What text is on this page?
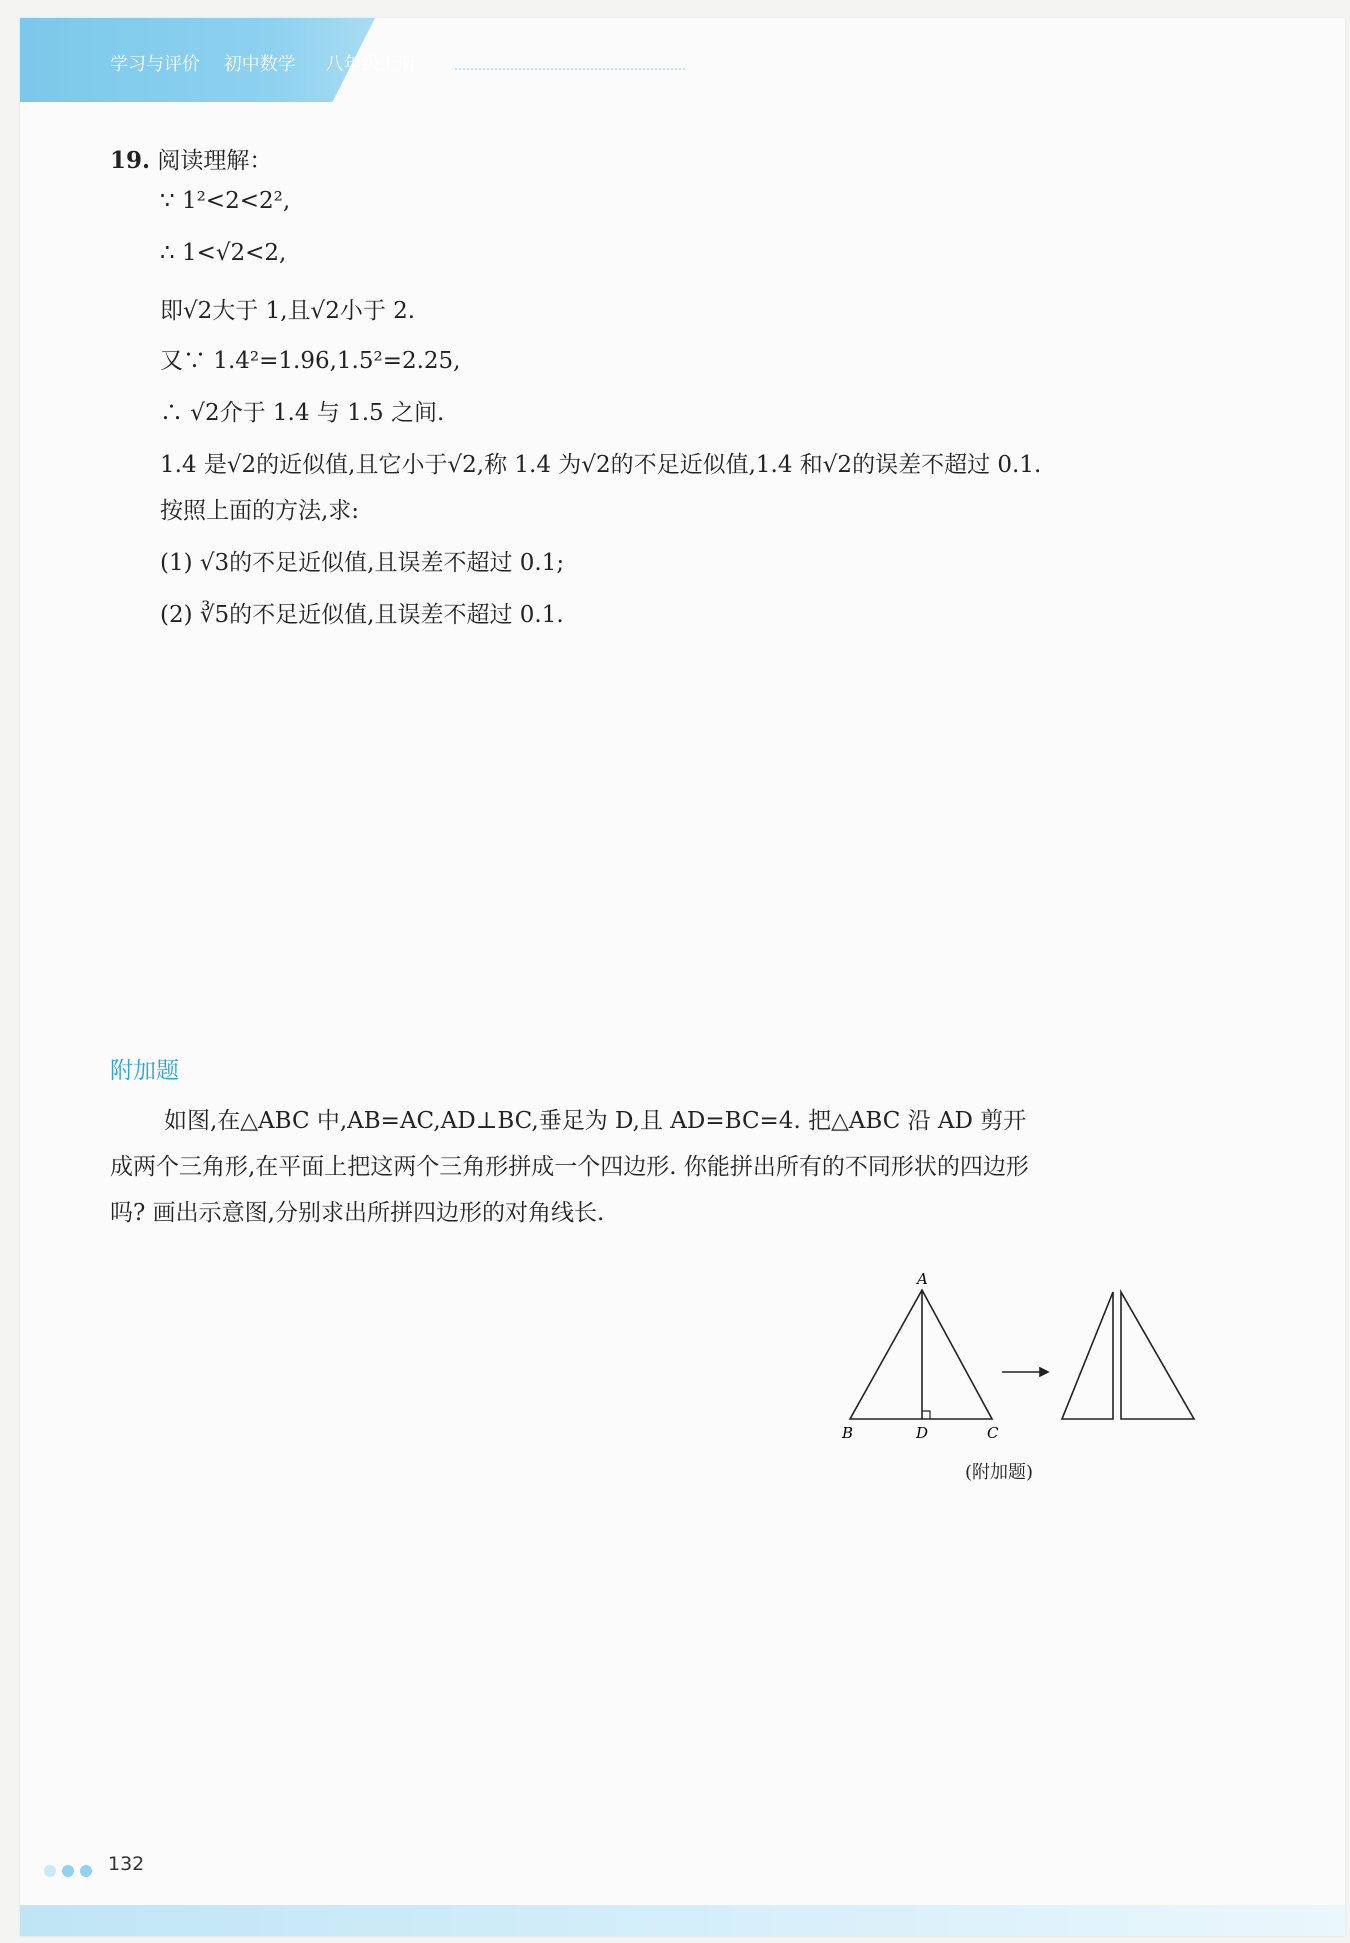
学习与评价 初中数学 八年级上册
19. 阅读理解：
∵ 1²<2<2²,
∴ 1<√2<2,
即√2大于 1,且√2小于 2.
又∵ 1.4²=1.96,1.5²=2.25,
∴ √2介于 1.4 与 1.5 之间.
1.4 是√2的近似值,且它小于√2,称 1.4 为√2的不足近似值,1.4 和√2的误差不超过 0.1.
按照上面的方法,求:
(1) √3的不足近似值,且误差不超过 0.1;
(2) ∛5的不足近似值,且误差不超过 0.1.
附加题
如图,在△ABC 中,AB=AC,AD⊥BC,垂足为 D,且 AD=BC=4. 把△ABC 沿 AD 剪开
成两个三角形,在平面上把这两个三角形拼成一个四边形. 你能拼出所有的不同形状的四边形
吗? 画出示意图,分别求出所拼四边形的对角线长.
A
B	D	C
(附加题)
132
